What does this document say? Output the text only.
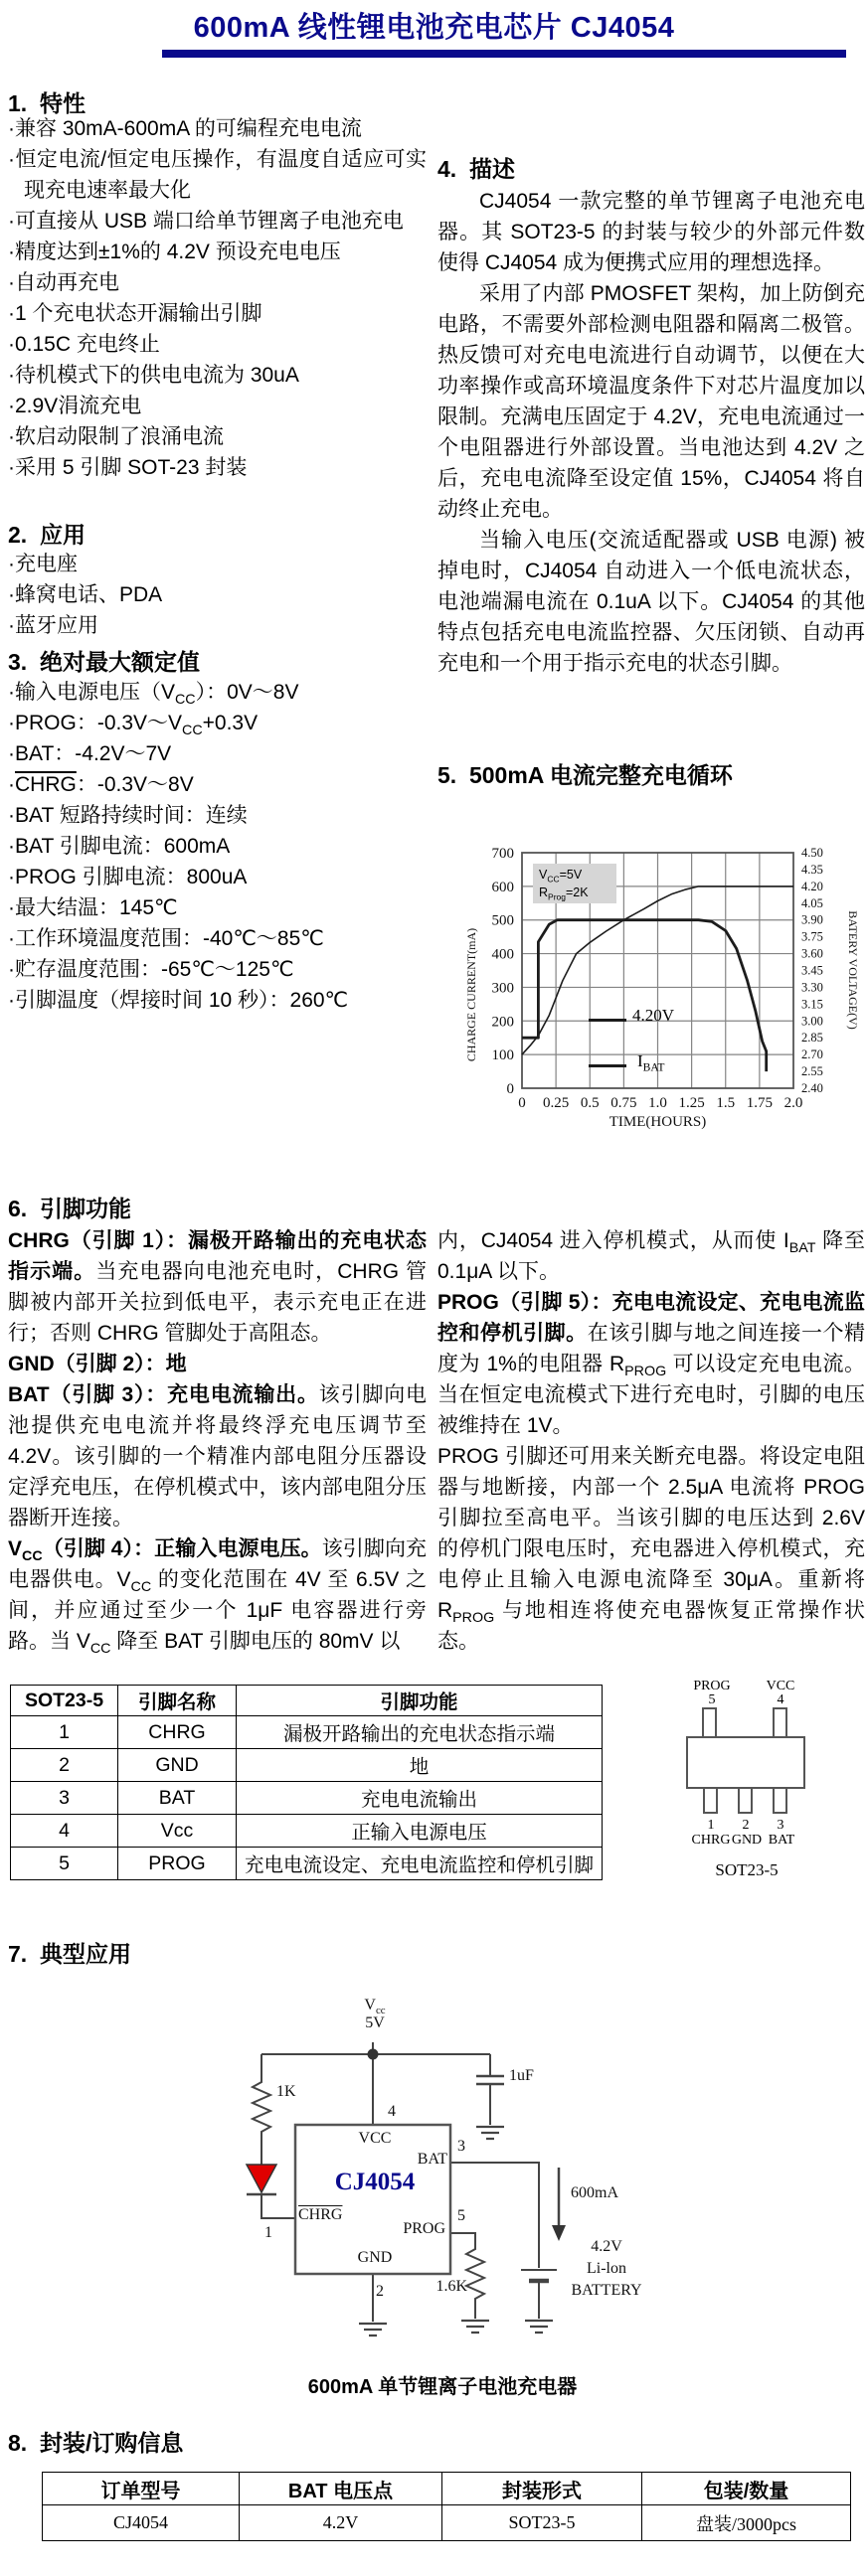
600mA 线性锂电池充电芯片 CJ4054
1.  特性
·兼容 30mA-600mA 的可编程充电电流
·恒定电流/恒定电压操作，有温度自适应可实现充电速率最大化
·可直接从 USB 端口给单节锂离子电池充电
·精度达到±1%的 4.2V 预设充电电压
·自动再充电
·1 个充电状态开漏输出引脚
·0.15C 充电终止
·待机模式下的供电电流为 30uA
·2.9V涓流充电
·软启动限制了浪涌电流
·采用 5 引脚 SOT-23 封装
2.  应用
·充电座
·蜂窝电话、PDA
·蓝牙应用
3.  绝对最大额定值
·输入电源电压$(V_{CC})$：0V～8V
·PROG：$-0.3V\sim V_{CC}+0.3V$
·BAT：-4.2V～7V
·CHRG：-0.3V～8V
·BAT 短路持续时间：连续
·BAT 引脚电流：600mA
·PROG 引脚电流：800uA
·最大结温：145℃
·工作环境温度范围：-40℃～85℃
·贮存温度范围：-65℃～125℃
·引脚温度（焊接时间 10 秒）：260℃
4.  描述

CJ4054 一款完整的单节锂离子电池充电器。其 SOT23-5 的封装与较少的外部元件数使得 CJ4054 成为便携式应用的理想选择。

采用了内部 PMOSFET 架构，加上防倒充电路，不需要外部检测电阻器和隔离二极管。热反馈可对充电电流进行自动调节，以便在大功率操作或高环境温度条件下对芯片温度加以限制。充满电压固定于 4.2V，充电电流通过一个电阻器进行外部设置。当电池达到 4.2V 之后，充电电流降至设定值 15%，CJ4054 将自动终止充电。

当输入电压(交流适配器或 USB 电源) 被掉电时，CJ4054 自动进入一个低电流状态，电池端漏电流在 0.1uA 以下。CJ4054 的其他特点包括充电电流监控器、欠压闭锁、自动再充电和一个用于指示充电的状态引脚。

5.  500mA 电流完整充电循环
0
100
200
300
400
500
600
700
2.40
2.55
2.70
2.85
3.00
3.15
3.30
3.45
3.60
3.75
3.90
4.05
4.20
4.35
4.50
0 0.25 0.5 0.75 1.0 1.25 1.5 1.75 2.0
TIME(HOURS)
CHARGE CURRENT(mA)	BATERY VOLTAGE(V)
$V_{CC}=5V$
$R_{Prog}=2K$
4.20V
$I_{BAT}$
6.  引脚功能

CHRG（引脚 1）：漏极开路输出的充电状态指示端。当充电器向电池充电时，CHRG 管脚被内部开关拉到低电平，表示充电正在进行；否则 CHRG 管脚处于高阻态。

GND（引脚 2）：地

BAT（引脚 3）：充电电流输出。该引脚向电池提供充电电流并将最终浮充电压调节至 4.2V。该引脚的一个精准内部电阻分压器设定浮充电压，在停机模式中，该内部电阻分压器断开连接。

$V_{CC}$（引脚 4）：正输入电源电压。该引脚向充电器供电。$V_{CC}$ 的变化范围在 4V 至 6.5V 之间，并应通过至少一个 1μF 电容器进行旁路。当 $V_{CC}$ 降至 BAT 引脚电压的 80mV 以

内，CJ4054 进入停机模式，从而使 $I_{BAT}$ 降至 0.1μA 以下。

PROG（引脚 5）：充电电流设定、充电电流监控和停机引脚。在该引脚与地之间连接一个精度为 1%的电阻器 $R_{PROG}$ 可以设定充电电流。当在恒定电流模式下进行充电时，引脚的电压被维持在 1V。

PROG 引脚还可用来关断充电器。将设定电阻器与地断接，内部一个 2.5μA 电流将 PROG 引脚拉至高电平。当该引脚的电压达到 2.6V 的停机门限电压时，充电器进入停机模式，充电停止且输入电源电流降至 30μA。重新将 $R_{PROG}$ 与地相连将使充电器恢复正常操作状态。

SOT23-5	引脚名称	引脚功能
1	CHRG	漏极开路输出的充电状态指示端
2	GND	地
3	BAT	充电电流输出
4	Vcc	正输入电源电压
5	PROG	充电电流设定、充电电流监控和停机引脚
PROG	VCC
5	4
1	2	3
CHRG GND BAT
SOT23-5
7.  典型应用
$V_{cc}$
5V
1K
4
VCC	3
BAT
CJ4054
CHRG
1	PROG
5
GND
2	1.6K
1uF
600mA
4.2V
Li-lon
BATTERY
600mA 单节锂离子电池充电器
8.  封装/订购信息
订单型号	BAT 电压点	封装形式	包装/数量
CJ4054	4.2V	SOT23-5	盘装/3000pcs
